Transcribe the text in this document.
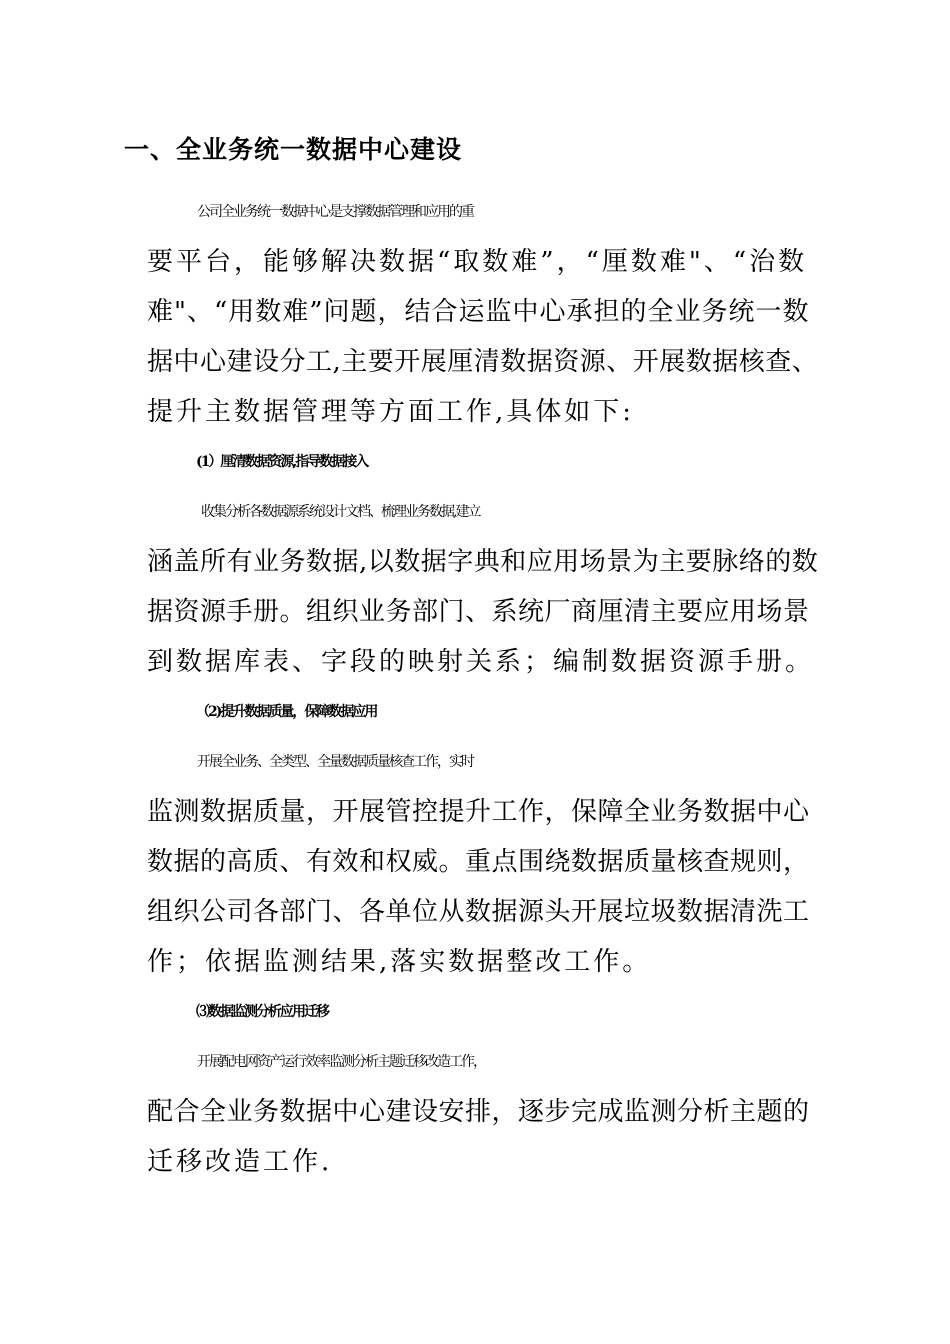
一、全业务统一数据中心建设
公司全业务统一数据中心是支撑数据管理和应用的重
要平台，能够解决数据“取数难”，“厘数难"、“治数
难"、“用数难”问题，结合运监中心承担的全业务统一数
据中心建设分工,主要开展厘清数据资源、开展数据核查、
提升主数据管理等方面工作,具体如下:
(1）厘清数据资源,指导数据接入
收集分析各数据源系统设计文档、梳理业务数据,建立
涵盖所有业务数据,以数据字典和应用场景为主要脉络的数
据资源手册。组织业务部门、系统厂商厘清主要应用场景
到数据库表、字段的映射关系；编制数据资源手册。
（2)提升数据质量，保障数据应用
开展全业务、全类型、全量数据质量核查工作，实时
监测数据质量，开展管控提升工作，保障全业务数据中心
数据的高质、有效和权威。重点围绕数据质量核查规则，
组织公司各部门、各单位从数据源头开展垃圾数据清洗工
作；依据监测结果,落实数据整改工作。
⑶数据监测分析应用迁移
开展配电网资产运行效率监测分析主题迁移改造工作，
配合全业务数据中心建设安排，逐步完成监测分析主题的
迁移改造工作.
